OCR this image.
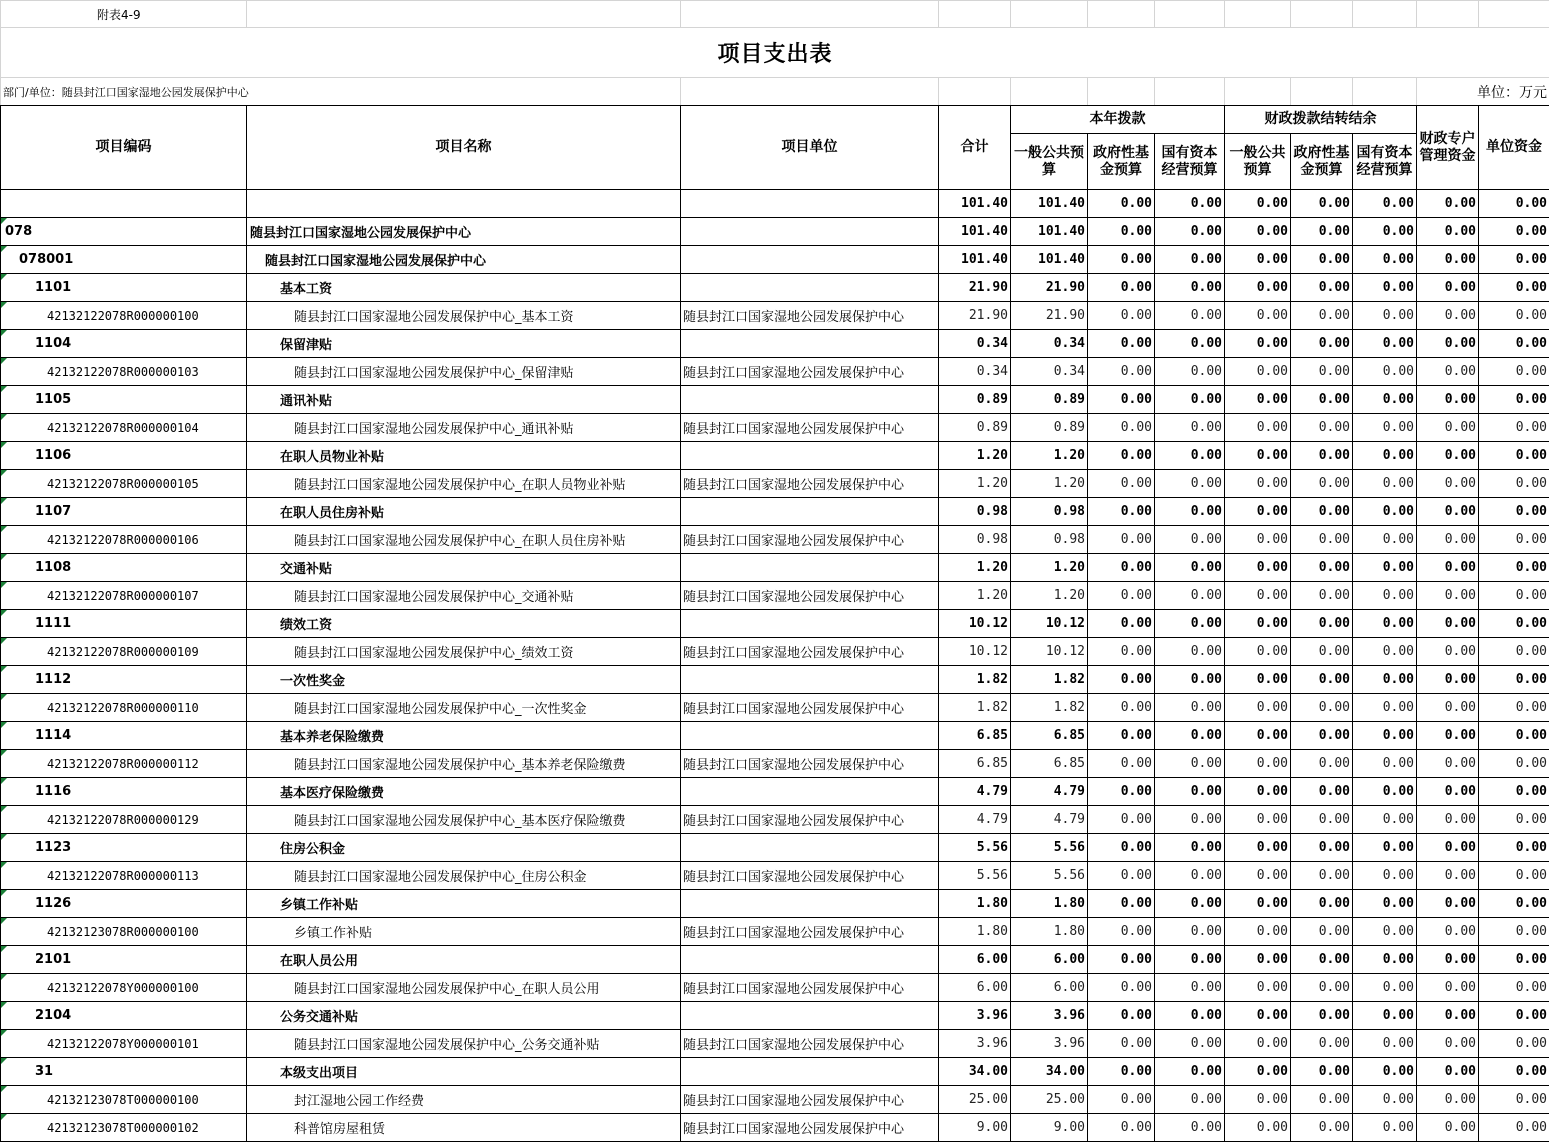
附表4-9											
项目支出表											
部门/单位：随县封江口国家湿地公园发展保护中心										单位：万元	
项目编码	项目名称	项目单位	合计	本年拨款			财政拨款结转结余			财政专户管理资金	单位资金
				一般公共预算	政府性基金预算	国有资本经营预算	一般公共预算	政府性基金预算	国有资本经营预算		
			101.40	101.40	0.00	0.00	0.00	0.00	0.00	0.00	0.00
078	随县封江口国家湿地公园发展保护中心		101.40	101.40	0.00	0.00	0.00	0.00	0.00	0.00	0.00
078001	随县封江口国家湿地公园发展保护中心		101.40	101.40	0.00	0.00	0.00	0.00	0.00	0.00	0.00
1101	基本工资		21.90	21.90	0.00	0.00	0.00	0.00	0.00	0.00	0.00
42132122078R000000100	随县封江口国家湿地公园发展保护中心_基本工资	随县封江口国家湿地公园发展保护中心	21.90	21.90	0.00	0.00	0.00	0.00	0.00	0.00	0.00
1104	保留津贴		0.34	0.34	0.00	0.00	0.00	0.00	0.00	0.00	0.00
42132122078R000000103	随县封江口国家湿地公园发展保护中心_保留津贴	随县封江口国家湿地公园发展保护中心	0.34	0.34	0.00	0.00	0.00	0.00	0.00	0.00	0.00
1105	通讯补贴		0.89	0.89	0.00	0.00	0.00	0.00	0.00	0.00	0.00
42132122078R000000104	随县封江口国家湿地公园发展保护中心_通讯补贴	随县封江口国家湿地公园发展保护中心	0.89	0.89	0.00	0.00	0.00	0.00	0.00	0.00	0.00
1106	在职人员物业补贴		1.20	1.20	0.00	0.00	0.00	0.00	0.00	0.00	0.00
42132122078R000000105	随县封江口国家湿地公园发展保护中心_在职人员物业补贴	随县封江口国家湿地公园发展保护中心	1.20	1.20	0.00	0.00	0.00	0.00	0.00	0.00	0.00
1107	在职人员住房补贴		0.98	0.98	0.00	0.00	0.00	0.00	0.00	0.00	0.00
42132122078R000000106	随县封江口国家湿地公园发展保护中心_在职人员住房补贴	随县封江口国家湿地公园发展保护中心	0.98	0.98	0.00	0.00	0.00	0.00	0.00	0.00	0.00
1108	交通补贴		1.20	1.20	0.00	0.00	0.00	0.00	0.00	0.00	0.00
42132122078R000000107	随县封江口国家湿地公园发展保护中心_交通补贴	随县封江口国家湿地公园发展保护中心	1.20	1.20	0.00	0.00	0.00	0.00	0.00	0.00	0.00
1111	绩效工资		10.12	10.12	0.00	0.00	0.00	0.00	0.00	0.00	0.00
42132122078R000000109	随县封江口国家湿地公园发展保护中心_绩效工资	随县封江口国家湿地公园发展保护中心	10.12	10.12	0.00	0.00	0.00	0.00	0.00	0.00	0.00
1112	一次性奖金		1.82	1.82	0.00	0.00	0.00	0.00	0.00	0.00	0.00
42132122078R000000110	随县封江口国家湿地公园发展保护中心_一次性奖金	随县封江口国家湿地公园发展保护中心	1.82	1.82	0.00	0.00	0.00	0.00	0.00	0.00	0.00
1114	基本养老保险缴费		6.85	6.85	0.00	0.00	0.00	0.00	0.00	0.00	0.00
42132122078R000000112	随县封江口国家湿地公园发展保护中心_基本养老保险缴费	随县封江口国家湿地公园发展保护中心	6.85	6.85	0.00	0.00	0.00	0.00	0.00	0.00	0.00
1116	基本医疗保险缴费		4.79	4.79	0.00	0.00	0.00	0.00	0.00	0.00	0.00
42132122078R000000129	随县封江口国家湿地公园发展保护中心_基本医疗保险缴费	随县封江口国家湿地公园发展保护中心	4.79	4.79	0.00	0.00	0.00	0.00	0.00	0.00	0.00
1123	住房公积金		5.56	5.56	0.00	0.00	0.00	0.00	0.00	0.00	0.00
42132122078R000000113	随县封江口国家湿地公园发展保护中心_住房公积金	随县封江口国家湿地公园发展保护中心	5.56	5.56	0.00	0.00	0.00	0.00	0.00	0.00	0.00
1126	乡镇工作补贴		1.80	1.80	0.00	0.00	0.00	0.00	0.00	0.00	0.00
42132123078R000000100	乡镇工作补贴	随县封江口国家湿地公园发展保护中心	1.80	1.80	0.00	0.00	0.00	0.00	0.00	0.00	0.00
2101	在职人员公用		6.00	6.00	0.00	0.00	0.00	0.00	0.00	0.00	0.00
42132122078Y000000100	随县封江口国家湿地公园发展保护中心_在职人员公用	随县封江口国家湿地公园发展保护中心	6.00	6.00	0.00	0.00	0.00	0.00	0.00	0.00	0.00
2104	公务交通补贴		3.96	3.96	0.00	0.00	0.00	0.00	0.00	0.00	0.00
42132122078Y000000101	随县封江口国家湿地公园发展保护中心_公务交通补贴	随县封江口国家湿地公园发展保护中心	3.96	3.96	0.00	0.00	0.00	0.00	0.00	0.00	0.00
31	本级支出项目		34.00	34.00	0.00	0.00	0.00	0.00	0.00	0.00	0.00
42132123078T000000100	封江湿地公园工作经费	随县封江口国家湿地公园发展保护中心	25.00	25.00	0.00	0.00	0.00	0.00	0.00	0.00	0.00
42132123078T000000102	科普馆房屋租赁	随县封江口国家湿地公园发展保护中心	9.00	9.00	0.00	0.00	0.00	0.00	0.00	0.00	0.00
